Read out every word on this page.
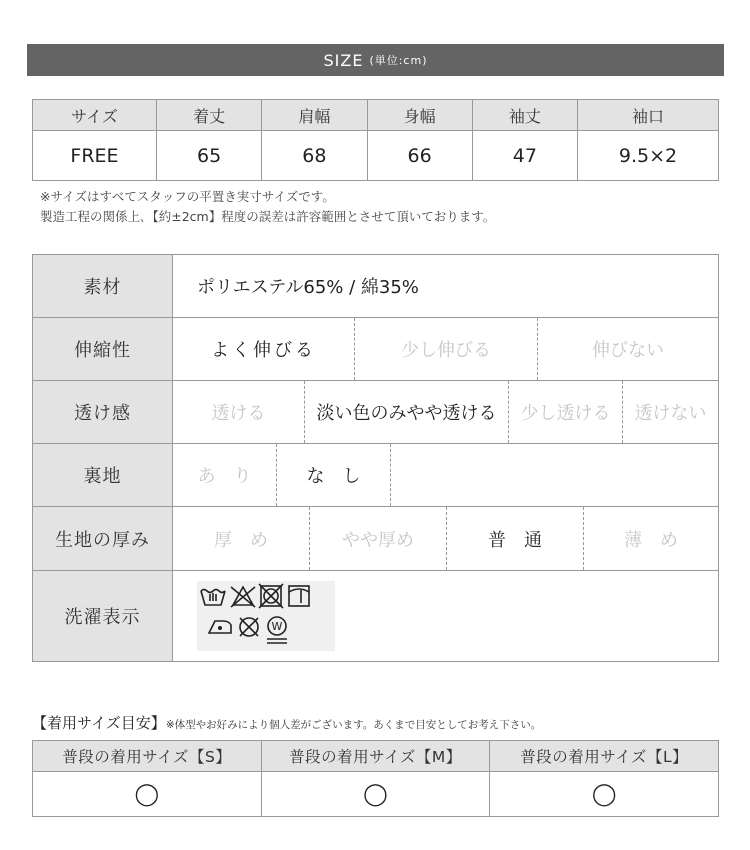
SIZE (単位:cm)
サイズ	着丈	肩幅	身幅	袖丈	袖口
FREE	65	68	66	47	9.5×2
※サイズはすべてスタッフの平置き実寸サイズです。
製造工程の関係上､【約±2cm】程度の誤差は許容範囲とさせて頂いております。
素材	ポリエステル65% / 綿35%
伸縮性	よく伸びる	少し伸びる	伸びない
透け感	透ける	淡い色のみやや透ける	少し透ける	透けない
裏地	あ　り	な　し
生地の厚み	厚　め	やや厚め	普　通	薄　め
洗濯表示	W
【着用サイズ目安】※体型やお好みにより個人差がございます。あくまで目安としてお考え下さい。
普段の着用サイズ【S】	普段の着用サイズ【M】	普段の着用サイズ【L】
◯	◯	◯
